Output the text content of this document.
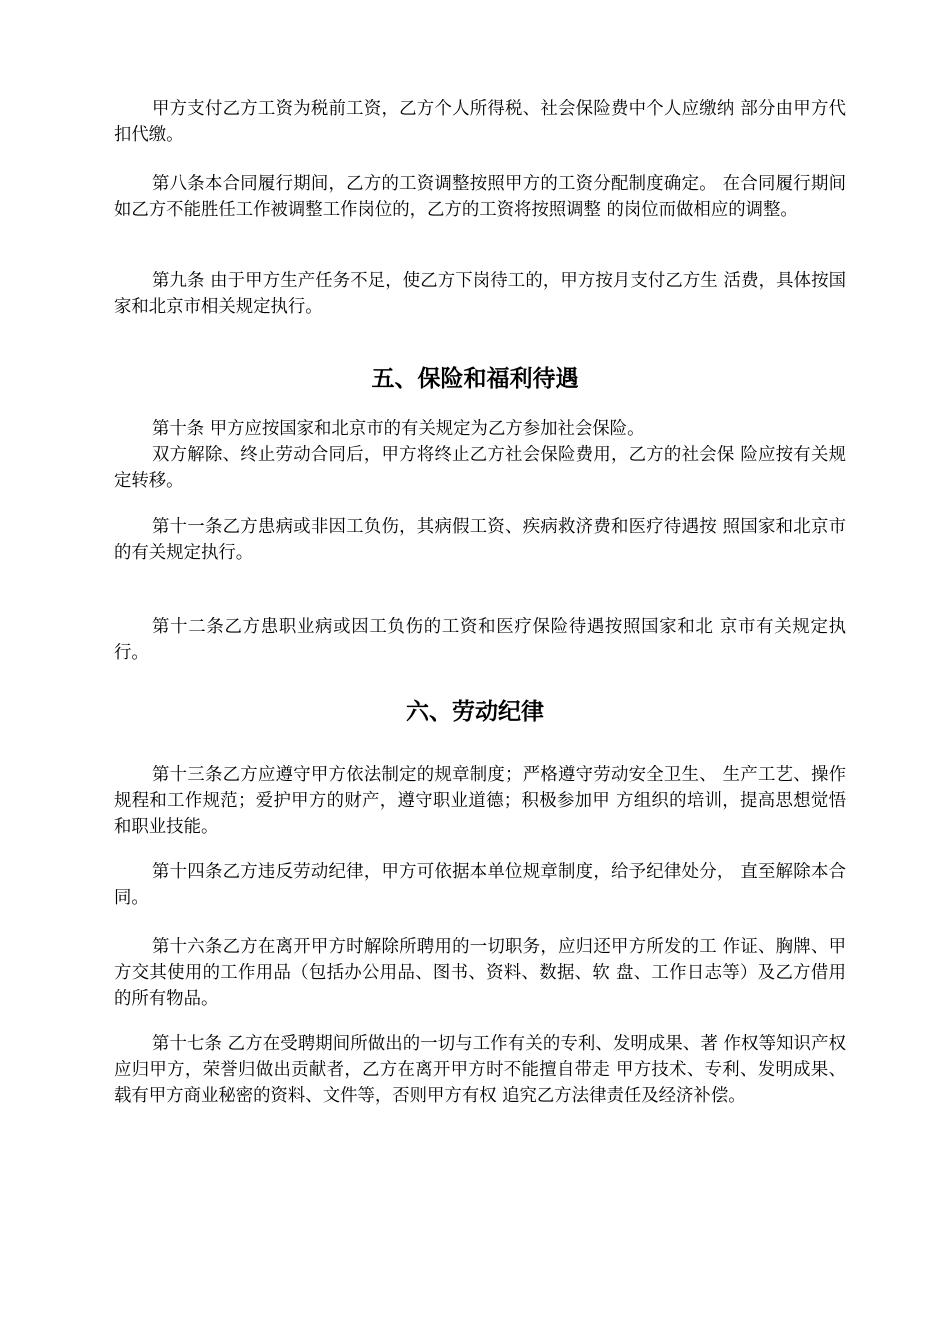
甲方支付乙方工资为税前工资，乙方个人所得税、社会保险费中个人应缴纳 部分由甲方代扣代缴。

第八条本合同履行期间，乙方的工资调整按照甲方的工资分配制度确定。 在合同履行期间如乙方不能胜任工作被调整工作岗位的，乙方的工资将按照调整 的岗位而做相应的调整。

第九条 由于甲方生产任务不足，使乙方下岗待工的，甲方按月支付乙方生 活费，具体按国家和北京市相关规定执行。

五、保险和福利待遇

第十条 甲方应按国家和北京市的有关规定为乙方参加社会保险。

双方解除、终止劳动合同后，甲方将终止乙方社会保险费用，乙方的社会保 险应按有关规定转移。

第十一条乙方患病或非因工负伤，其病假工资、疾病救济费和医疗待遇按 照国家和北京市的有关规定执行。

第十二条乙方患职业病或因工负伤的工资和医疗保险待遇按照国家和北 京市有关规定执行。

六、劳动纪律

第十三条乙方应遵守甲方依法制定的规章制度；严格遵守劳动安全卫生、 生产工艺、操作规程和工作规范；爱护甲方的财产，遵守职业道德；积极参加甲 方组织的培训，提高思想觉悟和职业技能。

第十四条乙方违反劳动纪律，甲方可依据本单位规章制度，给予纪律处分， 直至解除本合同。

第十六条乙方在离开甲方时解除所聘用的一切职务，应归还甲方所发的工 作证、胸牌、甲方交其使用的工作用品（包括办公用品、图书、资料、数据、软 盘、工作日志等）及乙方借用的所有物品。

第十七条 乙方在受聘期间所做出的一切与工作有关的专利、发明成果、著 作权等知识产权应归甲方，荣誉归做出贡献者，乙方在离开甲方时不能擅自带走 甲方技术、专利、发明成果、载有甲方商业秘密的资料、文件等，否则甲方有权 追究乙方法律责任及经济补偿。
